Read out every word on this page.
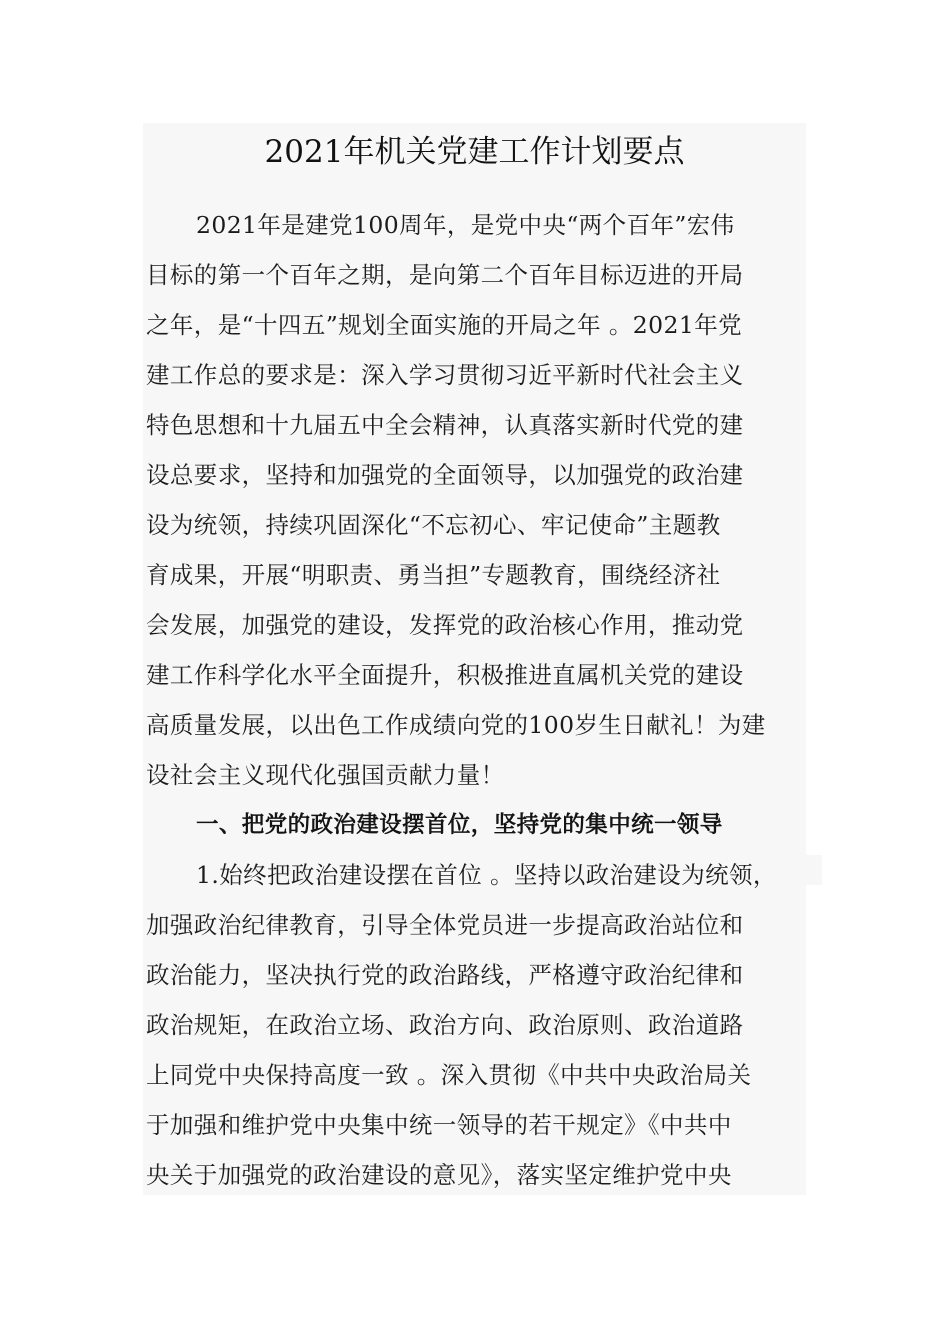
2021年机关党建工作计划要点
2021年是建党100周年，是党中央“两个百年”宏伟
目标的第一个百年之期，是向第二个百年目标迈进的开局
之年，是“十四五”规划全面实施的开局之年 。2021年党
建工作总的要求是：深入学习贯彻习近平新时代社会主义
特色思想和十九届五中全会精神，认真落实新时代党的建
设总要求，坚持和加强党的全面领导，以加强党的政治建
设为统领，持续巩固深化“不忘初心、牢记使命”主题教
育成果，开展“明职责、勇当担”专题教育，围绕经济社
会发展，加强党的建设，发挥党的政治核心作用，推动党
建工作科学化水平全面提升，积极推进直属机关党的建设
高质量发展，以出色工作成绩向党的100岁生日献礼！为建
设社会主义现代化强国贡献力量！
一、把党的政治建设摆首位，坚持党的集中统一领导
1.始终把政治建设摆在首位 。坚持以政治建设为统领，
加强政治纪律教育，引导全体党员进一步提高政治站位和
政治能力，坚决执行党的政治路线，严格遵守政治纪律和
政治规矩，在政治立场、政治方向、政治原则、政治道路
上同党中央保持高度一致 。深入贯彻《中共中央政治局关
于加强和维护党中央集中统一领导的若干规定》《中共中
央关于加强党的政治建设的意见》，落实坚定维护党中央
